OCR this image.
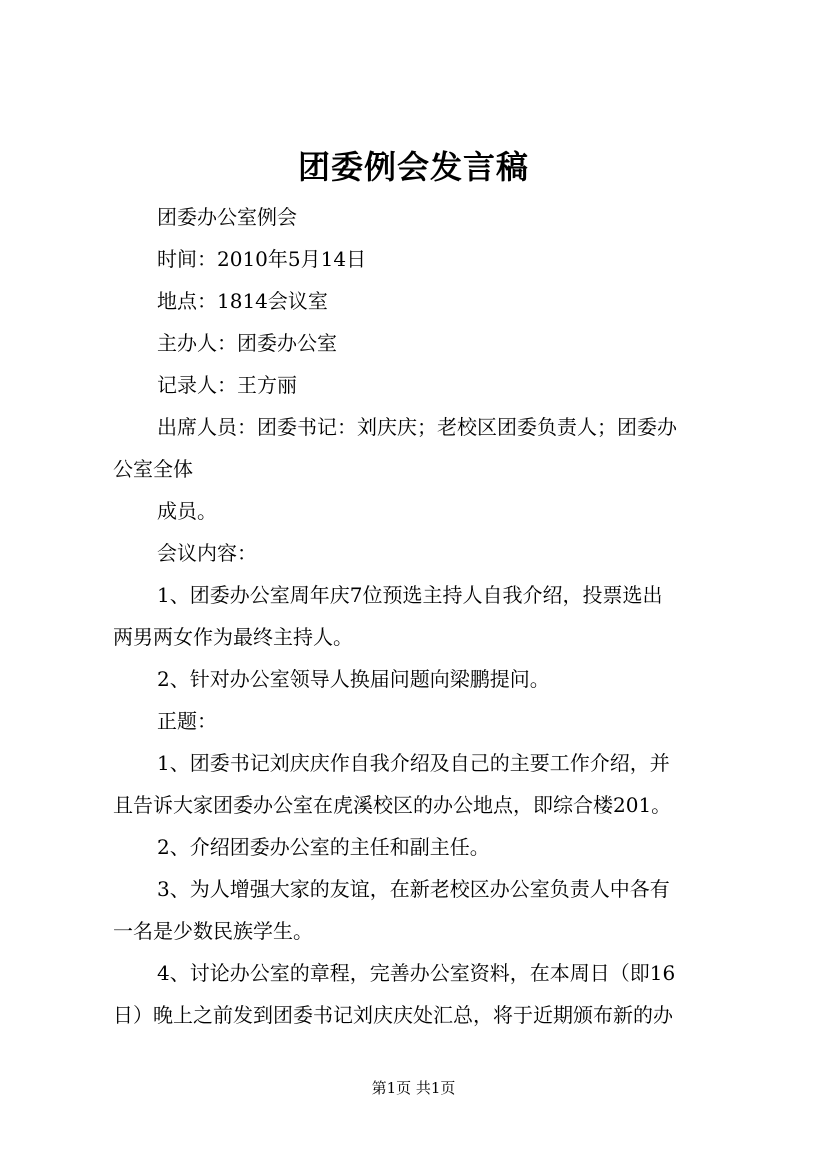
团委例会发言稿

团委办公室例会

时间：2010年5月14日

地点：1814会议室

主办人：团委办公室

记录人：王方丽

出席人员：团委书记：刘庆庆；老校区团委负责人；团委办

公室全体

成员。

会议内容：

1、团委办公室周年庆7位预选主持人自我介绍，投票选出

两男两女作为最终主持人。

2、针对办公室领导人换届问题向梁鹏提问。

正题：

1、团委书记刘庆庆作自我介绍及自己的主要工作介绍，并

且告诉大家团委办公室在虎溪校区的办公地点，即综合楼201。

2、介绍团委办公室的主任和副主任。

3、为人增强大家的友谊，在新老校区办公室负责人中各有

一名是少数民族学生。

4、讨论办公室的章程，完善办公室资料，在本周日（即16

日）晚上之前发到团委书记刘庆庆处汇总，将于近期颁布新的办

第1页 共1页
